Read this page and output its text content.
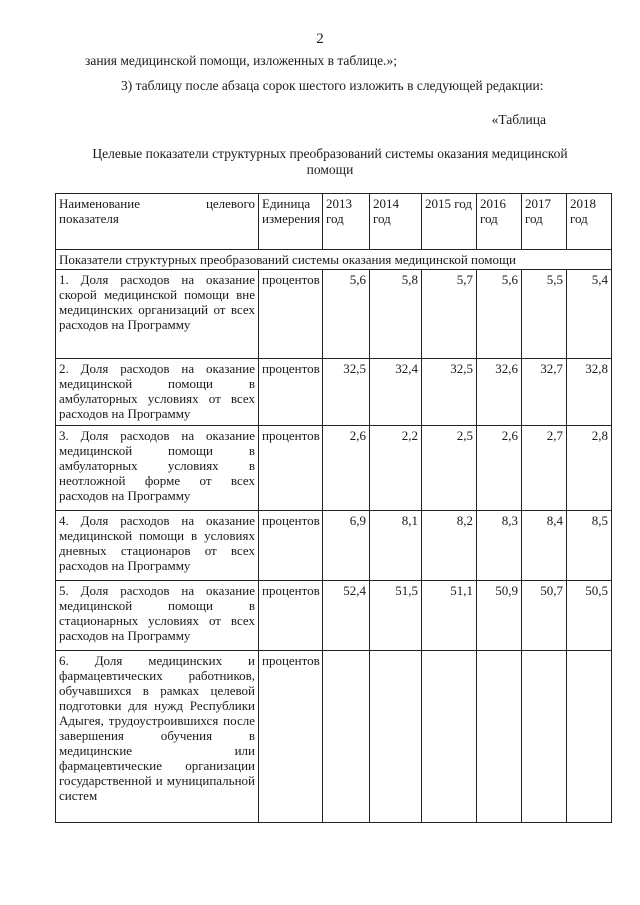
2
зания медицинской помощи, изложенных в таблице.»;
3) таблицу после абзаца сорок шестого изложить в следующей редакции:
«Таблица
Целевые показатели структурных преобразований системы оказания медицинской помощи
Наименование целевого показателя	Единица измерения	2013 год	2014 год	2015 год	2016 год	2017 год	2018 год
Показатели структурных преобразований системы оказания медицинской помощи							
1. Доля расходов на оказание скорой медицинской помощи вне медицинских организаций от всех расходов на Программу	процентов	5,6	5,8	5,7	5,6	5,5	5,4
2. Доля расходов на оказание медицинской помощи в амбулаторных условиях от всех расходов на Программу	процентов	32,5	32,4	32,5	32,6	32,7	32,8
3. Доля расходов на оказание медицинской помощи в амбулаторных условиях в неотложной форме от всех расходов на Программу	процентов	2,6	2,2	2,5	2,6	2,7	2,8
4. Доля расходов на оказание медицинской помощи в условиях дневных стационаров от всех расходов на Программу	процентов	6,9	8,1	8,2	8,3	8,4	8,5
5. Доля расходов на оказание медицинской помощи в стационарных условиях от всех расходов на Программу	процентов	52,4	51,5	51,1	50,9	50,7	50,5
6. Доля медицинских и фармацевтических работников, обучавшихся в рамках целевой подготовки для нужд Республики Адыгея, трудоустроившихся после завершения обучения в медицинские или фармацевтические организации государственной и муниципальной систем	процентов						
